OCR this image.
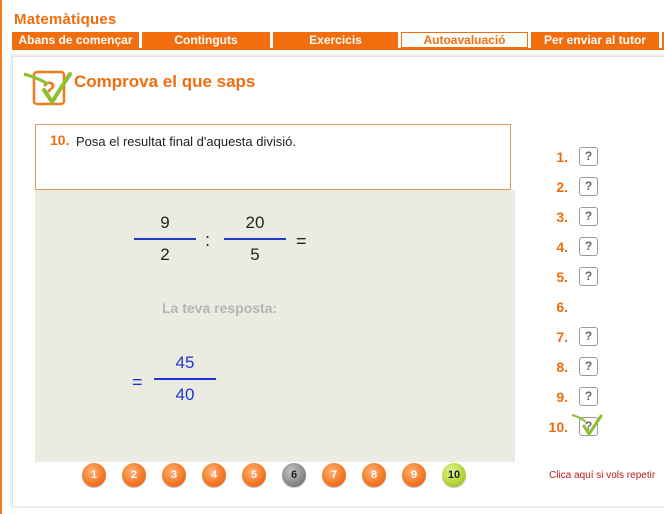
Matemàtiques
Abans de començar	Continguts	Exercicis	Autoavaluació	Per enviar al tutor
? Comprova el que saps
10. Posa el resultat final d'aquesta divisió.
9
2
:
20
5
=
La teva resposta:
=
45
40
1.	?
2.	?
3.	?
4.	?
5.	?
6.
7.	?
8.	?
9.	?
10.	?
1	2	3	4	5	6	7	8	9	10	Clica aquí si vols repetir
